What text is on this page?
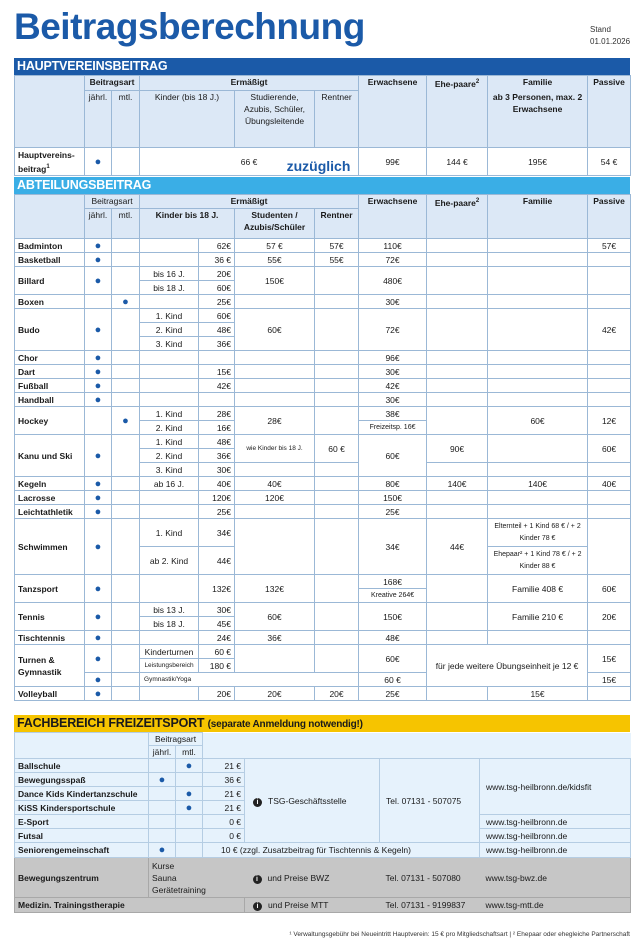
Beitragsberechnung	Stand
01.01.2026
HAUPTVEREINSBEITRAG
	Beitragsart		Ermäßigt			Erwachsene	Ehe-paare$^2$	Familie
ab 3 Personen, max. 2 Erwachsene	Passive
	jährl.	mtl.	Kinder (bis 18 J.)	Studierende, Azubis, Schüler, Übungsleitende	Rentner				
Hauptvereins-beitrag$^1$	●		66 €			99€	144 €	195€	54 €
zuzüglich
ABTEILUNGSBEITRAG
	Beitragsart		Ermäßigt				Erwachsene	Ehe-paare$^2$	Familie	Passive
	jährl.	mtl.	Kinder bis 18 J.		Studenten / Azubis/Schüler	Rentner				
Badminton	●			62€	57 €	57€	110€			57€
Basketball	●			36 €	55€	55€	72€			
Billard	●		bis 16 J.	20€	150€		480€			
			bis 18 J.	60€						
Boxen		●		25€			30€			
Budo	●		1. Kind	60€	60€		72€			42€
			2. Kind	48€						
			3. Kind	36€						
Chor	●						96€			
Dart	●			15€			30€			
Fußball	●			42€			42€			
Handball	●						30€			
Hockey		●	1. Kind	28€	28€		38€		60€	12€
			2. Kind	16€			Freizeitsp. 16€			
Kanu und Ski	●		1. Kind	48€	wie Kinder bis 18 J.	60 €	60€	90€		60€
			2. Kind	36€						
			3. Kind	30€						
Kegeln	●		ab 16 J.	40€	40€		80€	140€	140€	40€
Lacrosse	●			120€	120€		150€			
Leichtathletik	●			25€			25€			
Schwimmen	●		1. Kind	34€			34€	44€	Elternteil + 1 Kind 68 € / + 2 Kinder 78 €	
			ab 2. Kind	44€					Ehepaar² + 1 Kind 78 € / + 2 Kinder 88 €	
Tanzsport	●			132€	132€		168€		Familie 408 €	60€
							Kreative 264€			
Tennis	●		bis 13 J.	30€	60€		150€		Familie 210 €	20€
			bis 18 J.	45€						
Tischtennis	●			24€	36€		48€			
Turnen & Gymnastik	●		Kinderturnen	60 €			60€	für jede weitere Übungseinheit je 12 €		15€
			Leistungsbereich	180 €						
	●		Gymnastik/Yoga				60 €			15€
Volleyball	●			20€	20€	20€	25€		15€	
FACHBEREICH FREIZEITSPORT (separate Anmeldung notwendig!)
	Beitragsart					
	jährl.	mtl.				
Ballschule		●	21 €	i TSG-Geschäftsstelle	Tel. 07131 - 507075	www.tsg-heilbronn.de/kidsfit
Bewegungsspaß	●		36 €			
Dance Kids Kindertanzschule		●	21 €			
KiSS Kindersportschule		●	21 €			
E-Sport			0 €			www.tsg-heilbronn.de
Futsal			0 €			www.tsg-heilbronn.de
Seniorengemeinschaft	●		10 € (zzgl. Zusatzbeitrag für Tischtennis & Kegeln)			www.tsg-heilbronn.de
Bewegungszentrum	Kurse
Sauna
Gerätetraining			i und Preise BWZ	Tel. 07131 - 507080	www.tsg-bwz.de
Medizin. Trainingstherapie				i und Preise MTT	Tel. 07131 - 9199837	www.tsg-mtt.de
¹ Verwaltungsgebühr bei Neueintritt Hauptverein: 15 € pro Mitgliedschaftsart | ² Ehepaar oder ehegleiche Partnerschaft
